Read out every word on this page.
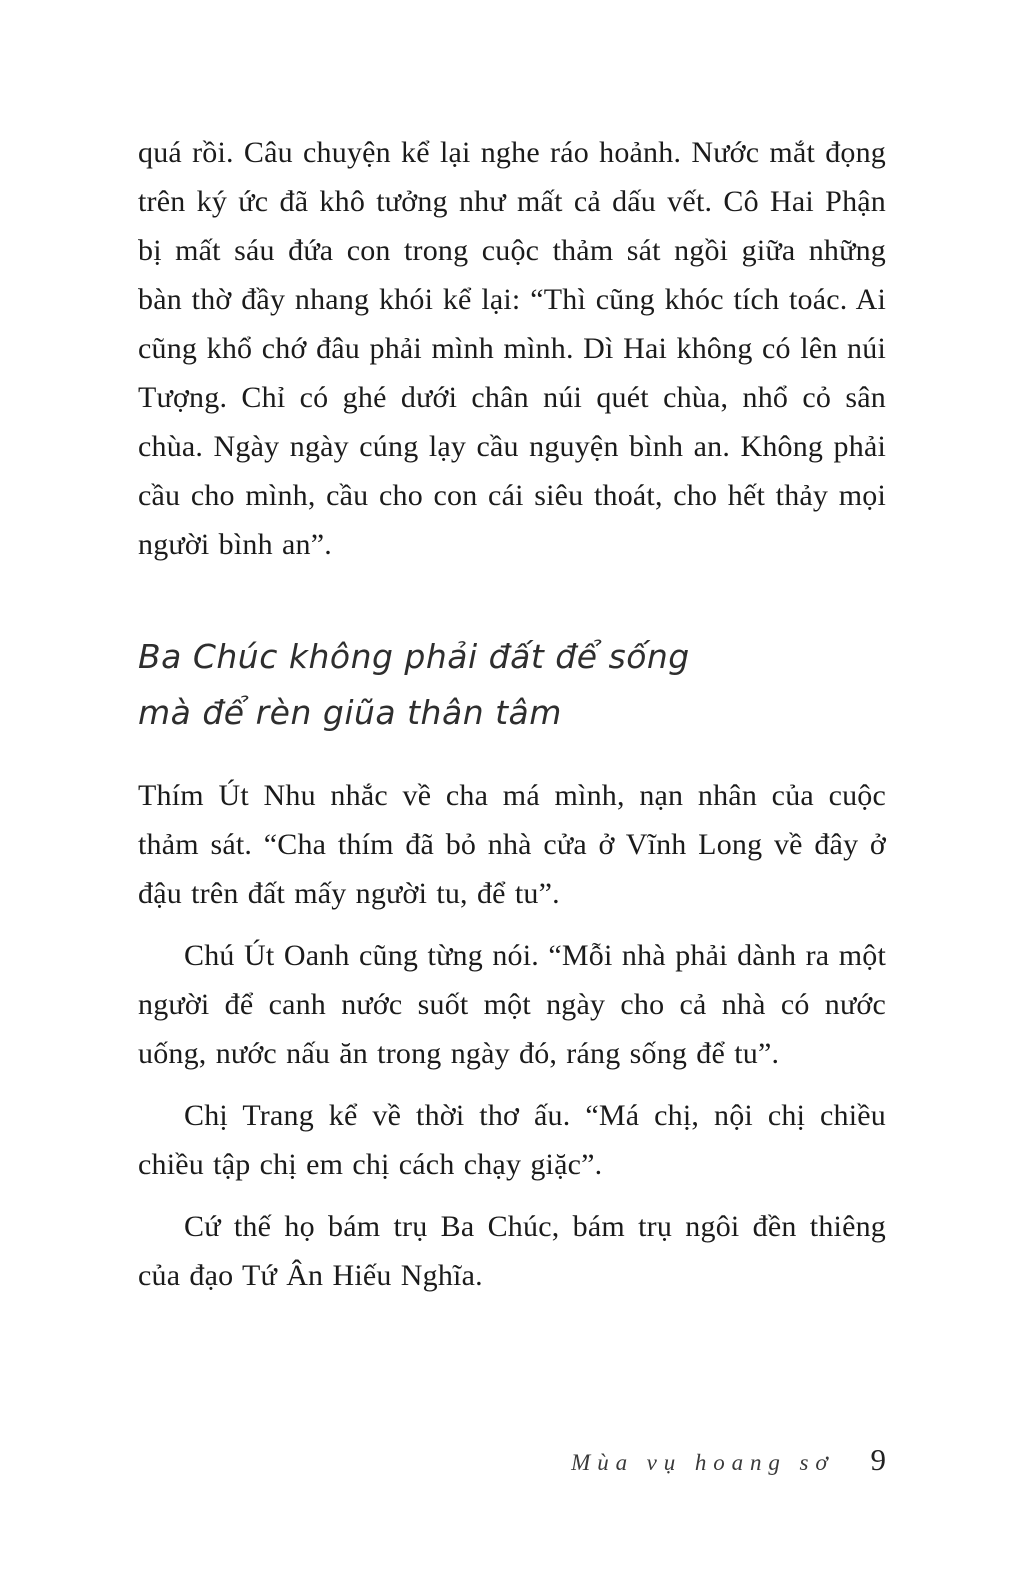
quá rồi. Câu chuyện kể lại nghe ráo hoảnh. Nước mắt đọng trên ký ức đã khô tưởng như mất cả dấu vết. Cô Hai Phận bị mất sáu đứa con trong cuộc thảm sát ngồi giữa những bàn thờ đầy nhang khói kể lại: “Thì cũng khóc tích toác. Ai cũng khổ chớ đâu phải mình mình. Dì Hai không có lên núi Tượng. Chỉ có ghé dưới chân núi quét chùa, nhổ cỏ sân chùa. Ngày ngày cúng lạy cầu nguyện bình an. Không phải cầu cho mình, cầu cho con cái siêu thoát, cho hết thảy mọi người bình an”.

Ba Chúc không phải đất để sống
mà để rèn giũa thân tâm

Thím Út Nhu nhắc về cha má mình, nạn nhân của cuộc thảm sát. “Cha thím đã bỏ nhà cửa ở Vĩnh Long về đây ở đậu trên đất mấy người tu, để tu”.

Chú Út Oanh cũng từng nói. “Mỗi nhà phải dành ra một người để canh nước suốt một ngày cho cả nhà có nước uống, nước nấu ăn trong ngày đó, ráng sống để tu”.

Chị Trang kể về thời thơ ấu. “Má chị, nội chị chiều chiều tập chị em chị cách chạy giặc”.

Cứ thế họ bám trụ Ba Chúc, bám trụ ngôi đền thiêng của đạo Tứ Ân Hiếu Nghĩa.

Mùa vụ hoang sơ 9
